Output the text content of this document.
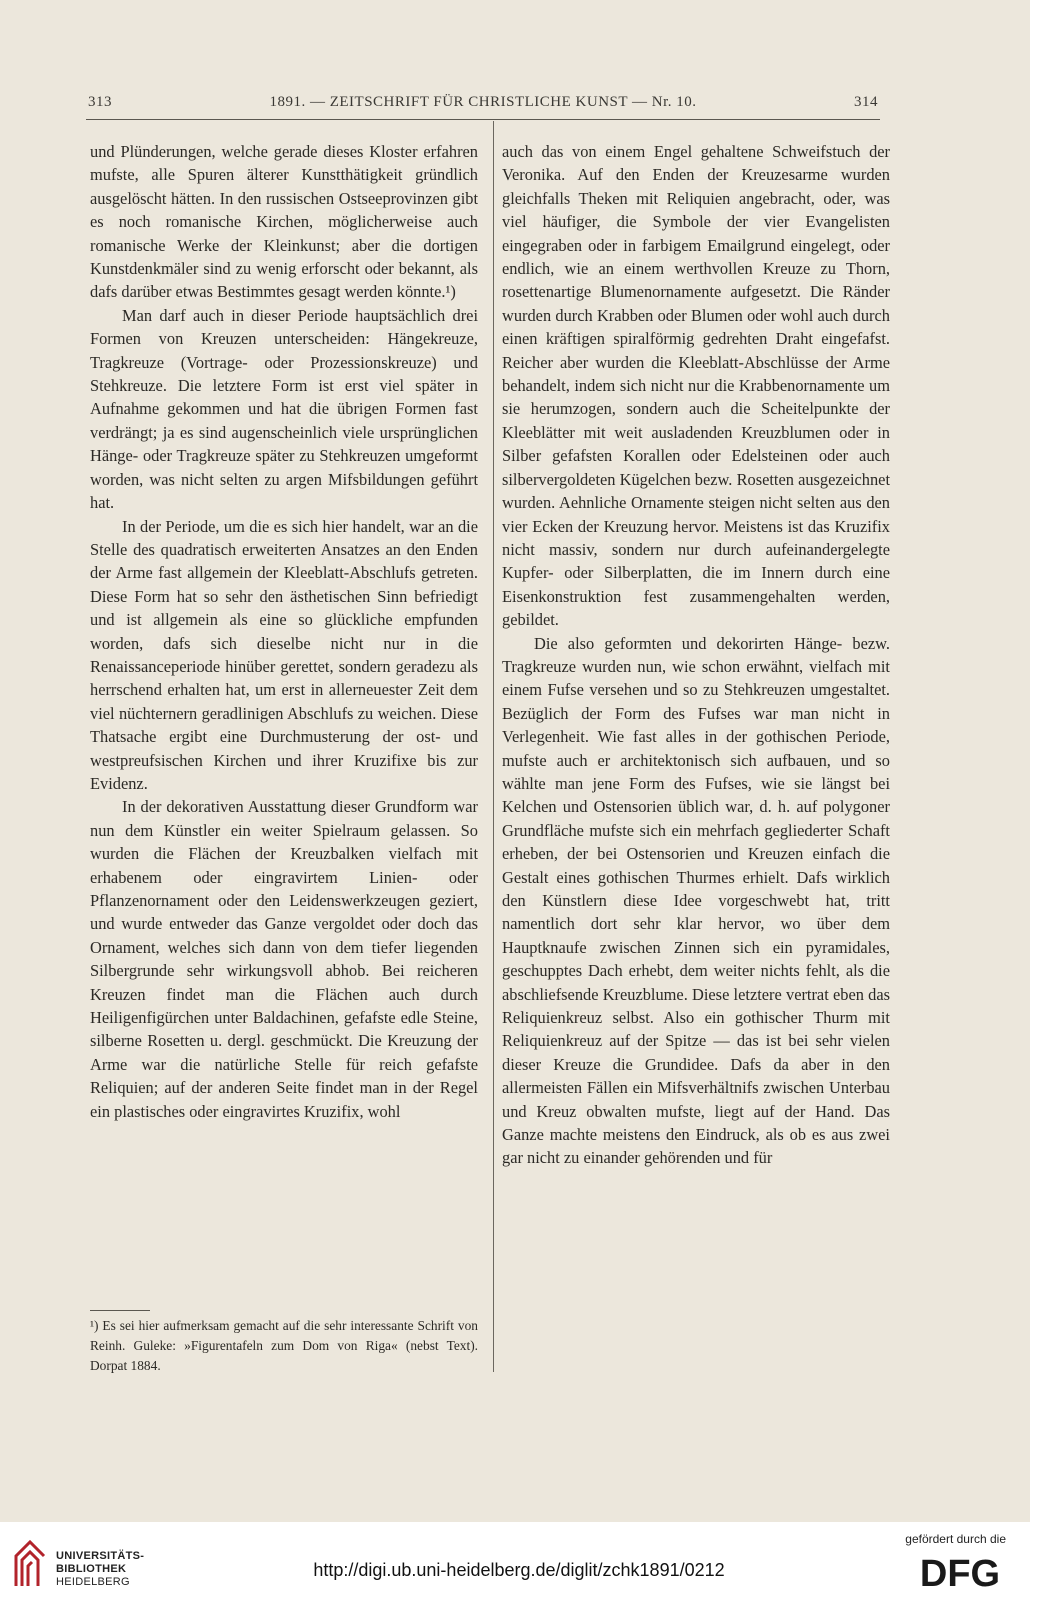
313	1891. — ZEITSCHRIFT FÜR CHRISTLICHE KUNST — Nr. 10.	314

und Plünderungen, welche gerade dieses Kloster erfahren mufste, alle Spuren älterer Kunstthätigkeit gründlich ausgelöscht hätten. In den russischen Ostseeprovinzen gibt es noch romanische Kirchen, möglicherweise auch romanische Werke der Kleinkunst; aber die dortigen Kunstdenkmäler sind zu wenig erforscht oder bekannt, als dafs darüber etwas Bestimmtes gesagt werden könnte.¹)

Man darf auch in dieser Periode hauptsächlich drei Formen von Kreuzen unterscheiden: Hängekreuze, Tragkreuze (Vortrage- oder Prozessionskreuze) und Stehkreuze. Die letztere Form ist erst viel später in Aufnahme gekommen und hat die übrigen Formen fast verdrängt; ja es sind augenscheinlich viele ursprünglichen Hänge- oder Tragkreuze später zu Stehkreuzen umgeformt worden, was nicht selten zu argen Mifsbildungen geführt hat.

In der Periode, um die es sich hier handelt, war an die Stelle des quadratisch erweiterten Ansatzes an den Enden der Arme fast allgemein der Kleeblatt-Abschlufs getreten. Diese Form hat so sehr den ästhetischen Sinn befriedigt und ist allgemein als eine so glückliche empfunden worden, dafs sich dieselbe nicht nur in die Renaissanceperiode hinüber gerettet, sondern geradezu als herrschend erhalten hat, um erst in allerneuester Zeit dem viel nüchternern geradlinigen Abschlufs zu weichen. Diese Thatsache ergibt eine Durchmusterung der ost- und westpreufsischen Kirchen und ihrer Kruzifixe bis zur Evidenz.

In der dekorativen Ausstattung dieser Grundform war nun dem Künstler ein weiter Spielraum gelassen. So wurden die Flächen der Kreuzbalken vielfach mit erhabenem oder eingravirtem Linien- oder Pflanzenornament oder den Leidenswerkzeugen geziert, und wurde entweder das Ganze vergoldet oder doch das Ornament, welches sich dann von dem tiefer liegenden Silbergrunde sehr wirkungsvoll abhob. Bei reicheren Kreuzen findet man die Flächen auch durch Heiligenfigürchen unter Baldachinen, gefafste edle Steine, silberne Rosetten u. dergl. geschmückt. Die Kreuzung der Arme war die natürliche Stelle für reich gefafste Reliquien; auf der anderen Seite findet man in der Regel ein plastisches oder eingravirtes Kruzifix, wohl

¹) Es sei hier aufmerksam gemacht auf die sehr interessante Schrift von Reinh. Guleke: »Figurentafeln zum Dom von Riga« (nebst Text). Dorpat 1884.

auch das von einem Engel gehaltene Schweifstuch der Veronika. Auf den Enden der Kreuzesarme wurden gleichfalls Theken mit Reliquien angebracht, oder, was viel häufiger, die Symbole der vier Evangelisten eingegraben oder in farbigem Emailgrund eingelegt, oder endlich, wie an einem werthvollen Kreuze zu Thorn, rosettenartige Blumenornamente aufgesetzt. Die Ränder wurden durch Krabben oder Blumen oder wohl auch durch einen kräftigen spiralförmig gedrehten Draht eingefafst. Reicher aber wurden die Kleeblatt-Abschlüsse der Arme behandelt, indem sich nicht nur die Krabbenornamente um sie herumzogen, sondern auch die Scheitelpunkte der Kleeblätter mit weit ausladenden Kreuzblumen oder in Silber gefafsten Korallen oder Edelsteinen oder auch silbervergoldeten Kügelchen bezw. Rosetten ausgezeichnet wurden. Aehnliche Ornamente steigen nicht selten aus den vier Ecken der Kreuzung hervor. Meistens ist das Kruzifix nicht massiv, sondern nur durch aufeinandergelegte Kupfer- oder Silberplatten, die im Innern durch eine Eisenkonstruktion fest zusammengehalten werden, gebildet.

Die also geformten und dekorirten Hänge- bezw. Tragkreuze wurden nun, wie schon erwähnt, vielfach mit einem Fufse versehen und so zu Stehkreuzen umgestaltet. Bezüglich der Form des Fufses war man nicht in Verlegenheit. Wie fast alles in der gothischen Periode, mufste auch er architektonisch sich aufbauen, und so wählte man jene Form des Fufses, wie sie längst bei Kelchen und Ostensorien üblich war, d. h. auf polygoner Grundfläche mufste sich ein mehrfach gegliederter Schaft erheben, der bei Ostensorien und Kreuzen einfach die Gestalt eines gothischen Thurmes erhielt. Dafs wirklich den Künstlern diese Idee vorgeschwebt hat, tritt namentlich dort sehr klar hervor, wo über dem Hauptknaufe zwischen Zinnen sich ein pyramidales, geschupptes Dach erhebt, dem weiter nichts fehlt, als die abschliefsende Kreuzblume. Diese letztere vertrat eben das Reliquienkreuz selbst. Also ein gothischer Thurm mit Reliquienkreuz auf der Spitze — das ist bei sehr vielen dieser Kreuze die Grundidee. Dafs da aber in den allermeisten Fällen ein Mifsverhältnifs zwischen Unterbau und Kreuz obwalten mufste, liegt auf der Hand. Das Ganze machte meistens den Eindruck, als ob es aus zwei gar nicht zu einander gehörenden und für

UNIVERSITÄTS-
BIBLIOTHEK
HEIDELBERG
http://digi.ub.uni-heidelberg.de/diglit/zchk1891/0212
gefördert durch die
DFG
